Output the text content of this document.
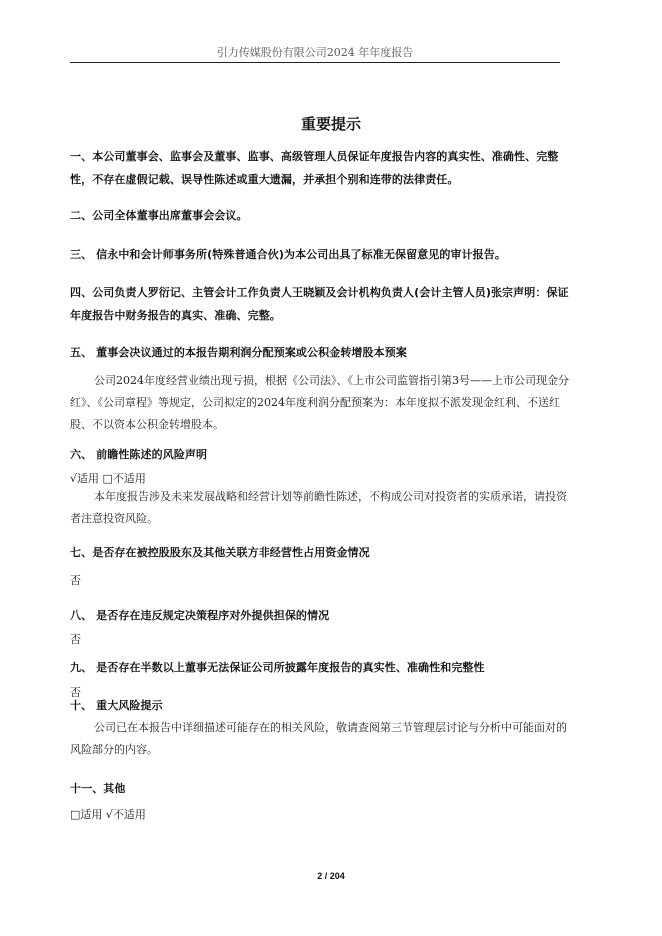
引力传媒股份有限公司2024 年年度报告
重要提示
一、本公司董事会、监事会及董事、监事、高级管理人员保证年度报告内容的真实性、准确性、完整性，不存在虚假记载、误导性陈述或重大遗漏，并承担个别和连带的法律责任。
二、公司全体董事出席董事会会议。
三、 信永中和会计师事务所(特殊普通合伙)为本公司出具了标准无保留意见的审计报告。
四、公司负责人罗衍记、主管会计工作负责人王晓颖及会计机构负责人(会计主管人员)张宗声明：保证年度报告中财务报告的真实、准确、完整。
五、 董事会决议通过的本报告期利润分配预案或公积金转增股本预案
公司2024年度经营业绩出现亏损，根据《公司法》、《上市公司监管指引第3号——上市公司现金分红》、《公司章程》等规定，公司拟定的2024年度利润分配预案为：本年度拟不派发现金红利、不送红股、不以资本公积金转增股本。
六、 前瞻性陈述的风险声明
√适用 □不适用
本年度报告涉及未来发展战略和经营计划等前瞻性陈述，不构成公司对投资者的实质承诺，请投资者注意投资风险。
七、是否存在被控股股东及其他关联方非经营性占用资金情况
否
八、 是否存在违反规定决策程序对外提供担保的情况
否
九、 是否存在半数以上董事无法保证公司所披露年度报告的真实性、准确性和完整性
否
十、 重大风险提示
公司已在本报告中详细描述可能存在的相关风险，敬请查阅第三节管理层讨论与分析中可能面对的风险部分的内容。
十一、其他
□适用 √不适用
2 / 204
